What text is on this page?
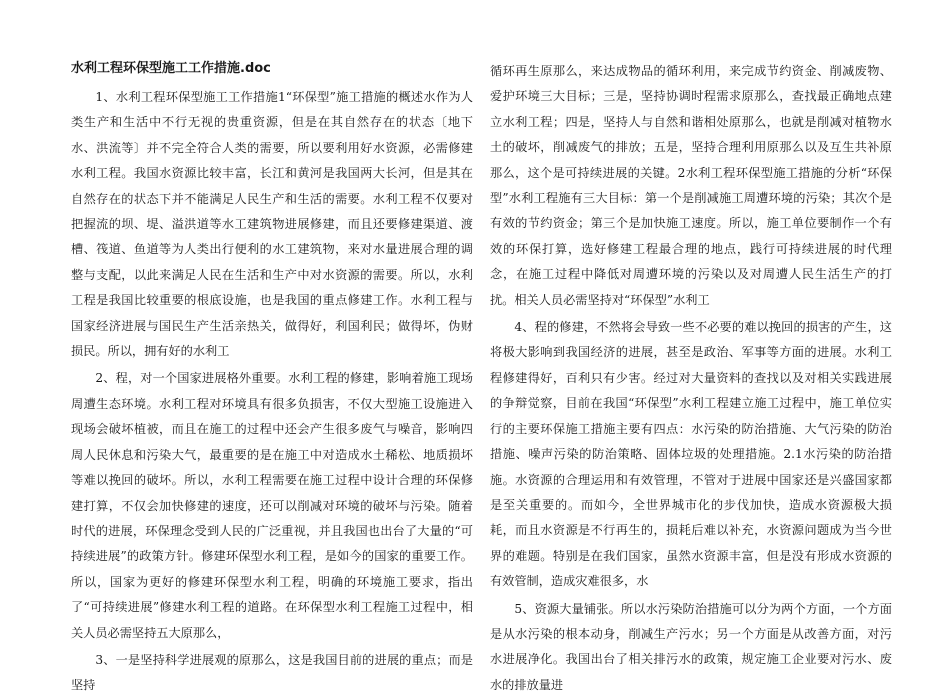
水利工程环保型施工工作措施.doc

1、水利工程环保型施工工作措施1“环保型”施工措施的概述水作为人类生产和生活中不行无视的贵重资源，但是在其自然存在的状态〔地下水、洪流等〕并不完全符合人类的需要，所以要利用好水资源，必需修建水利工程。我国水资源比较丰富，长江和黄河是我国两大长河，但是其在自然存在的状态下并不能满足人民生产和生活的需要。水利工程不仅要对把握流的坝、堤、溢洪道等水工建筑物进展修建，而且还要修建渠道、渡槽、筏道、鱼道等为人类出行便利的水工建筑物，来对水量进展合理的调整与支配，以此来满足人民在生活和生产中对水资源的需要。所以，水利工程是我国比较重要的根底设施，也是我国的重点修建工作。水利工程与国家经济进展与国民生产生活亲热关，做得好，利国利民；做得坏，伪财损民。所以，拥有好的水利工

2、程，对一个国家进展格外重要。水利工程的修建，影响着施工现场周遭生态环境。水利工程对环境具有很多负损害，不仅大型施工设施进入现场会破坏植被，而且在施工的过程中还会产生很多废气与噪音，影响四周人民休息和污染大气，最重要的是在施工中对造成水土稀松、地质损坏等难以挽回的破坏。所以，水利工程需要在施工过程中设计合理的环保修建打算，不仅会加快修建的速度，还可以削减对环境的破坏与污染。随着时代的进展，环保理念受到人民的广泛重视，并且我国也出台了大量的“可持续进展”的政策方针。修建环保型水利工程，是如今的国家的重要工作。所以，国家为更好的修建环保型水利工程，明确的环境施工要求，指出了“可持续进展”修建水利工程的道路。在环保型水利工程施工过程中，相关人员必需坚持五大原那么，

3、一是坚持科学进展观的原那么，这是我国目前的进展的重点；而是坚持

循环再生原那么，来达成物品的循环利用，来完成节约资金、削减废物、爱护环境三大目标；三是，坚持协调时程需求原那么，查找最正确地点建立水利工程；四是，坚持人与自然和谐相处原那么，也就是削减对植物水土的破坏，削减废气的排放；五是，坚持合理利用原那么以及互生共补原那么，这个是可持续进展的关键。2水利工程环保型施工措施的分析“环保型”水利工程施有三大目标：第一个是削减施工周遭环境的污染；其次个是有效的节约资金；第三个是加快施工速度。所以，施工单位要制作一个有效的环保打算，选好修建工程最合理的地点，践行可持续进展的时代理念，在施工过程中降低对周遭环境的污染以及对周遭人民生活生产的打扰。相关人员必需坚持对“环保型”水利工

4、程的修建，不然将会导致一些不必要的难以挽回的损害的产生，这将极大影响到我国经济的进展，甚至是政治、军事等方面的进展。水利工程修建得好，百利只有少害。经过对大量资料的查找以及对相关实践进展的争辩觉察，目前在我国“环保型”水利工程建立施工过程中，施工单位实行的主要环保施工措施主要有四点：水污染的防治措施、大气污染的防治措施、噪声污染的防治策略、固体垃圾的处理措施。2.1水污染的防治措施。水资源的合理运用和有效管理，不管对于进展中国家还是兴盛国家都是至关重要的。而如今，全世界城市化的步伐加快，造成水资源极大损耗，而且水资源是不行再生的，损耗后难以补充，水资源问题成为当今世界的难题。特别是在我们国家，虽然水资源丰富，但是没有形成水资源的有效管制，造成灾难很多，水

5、资源大量铺张。所以水污染防治措施可以分为两个方面，一个方面是从水污染的根本动身，削减生产污水；另一个方面是从改善方面，对污水进展净化。我国出台了相关排污水的政策，规定施工企业要对污水、废水的排放量进
